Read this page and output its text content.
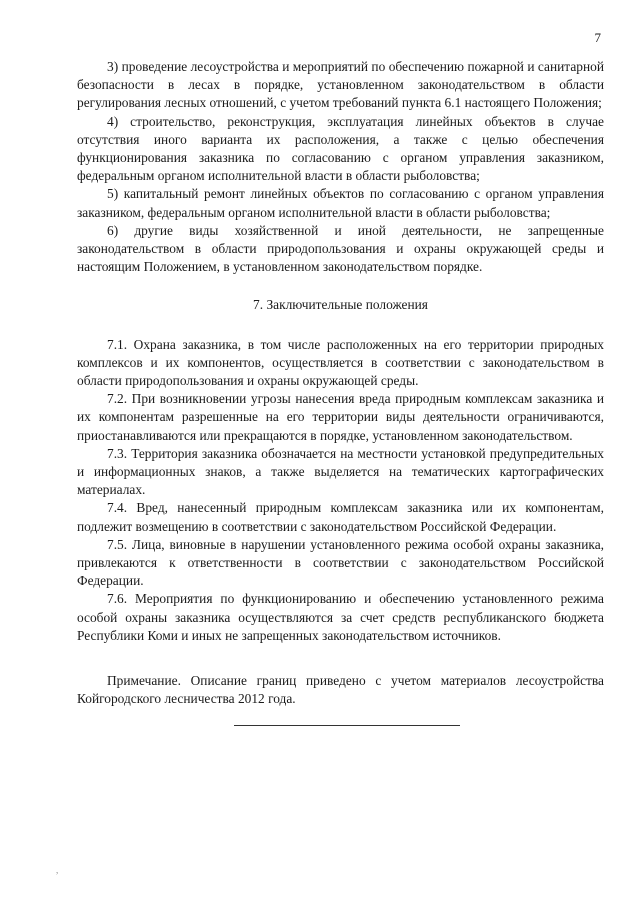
7

3) проведение лесоустройства и мероприятий по обеспечению пожарной и санитарной безопасности в лесах в порядке, установленном законодательством в области регулирования лесных отношений, с учетом требований пункта 6.1 настоящего Положения;

4) строительство, реконструкция, эксплуатация линейных объектов в случае отсутствия иного варианта их расположения, а также с целью обеспечения функционирования заказника по согласованию с органом управления заказником, федеральным органом исполнительной власти в области рыболовства;

5) капитальный ремонт линейных объектов по согласованию с органом управления заказником, федеральным органом исполнительной власти в области рыболовства;

6) другие виды хозяйственной и иной деятельности, не запрещенные законодательством в области природопользования и охраны окружающей среды и настоящим Положением, в установленном законодательством порядке.

7. Заключительные положения

7.1. Охрана заказника, в том числе расположенных на его территории природных комплексов и их компонентов, осуществляется в соответствии с законодательством в области природопользования и охраны окружающей среды.

7.2. При возникновении угрозы нанесения вреда природным комплексам заказника и их компонентам разрешенные на его территории виды деятельности ограничиваются, приостанавливаются или прекращаются в порядке, установленном законодательством.

7.3. Территория заказника обозначается на местности установкой предупредительных и информационных знаков, а также выделяется на тематических картографических материалах.

7.4. Вред, нанесенный природным комплексам заказника или их компонентам, подлежит возмещению в соответствии с законодательством Российской Федерации.

7.5. Лица, виновные в нарушении установленного режима особой охраны заказника, привлекаются к ответственности в соответствии с законодательством Российской Федерации.

7.6. Мероприятия по функционированию и обеспечению установленного режима особой охраны заказника осуществляются за счет средств республиканского бюджета Республики Коми и иных не запрещенных законодательством источников.

Примечание. Описание границ приведено с учетом материалов лесоустройства Койгородского лесничества 2012 года.

,
